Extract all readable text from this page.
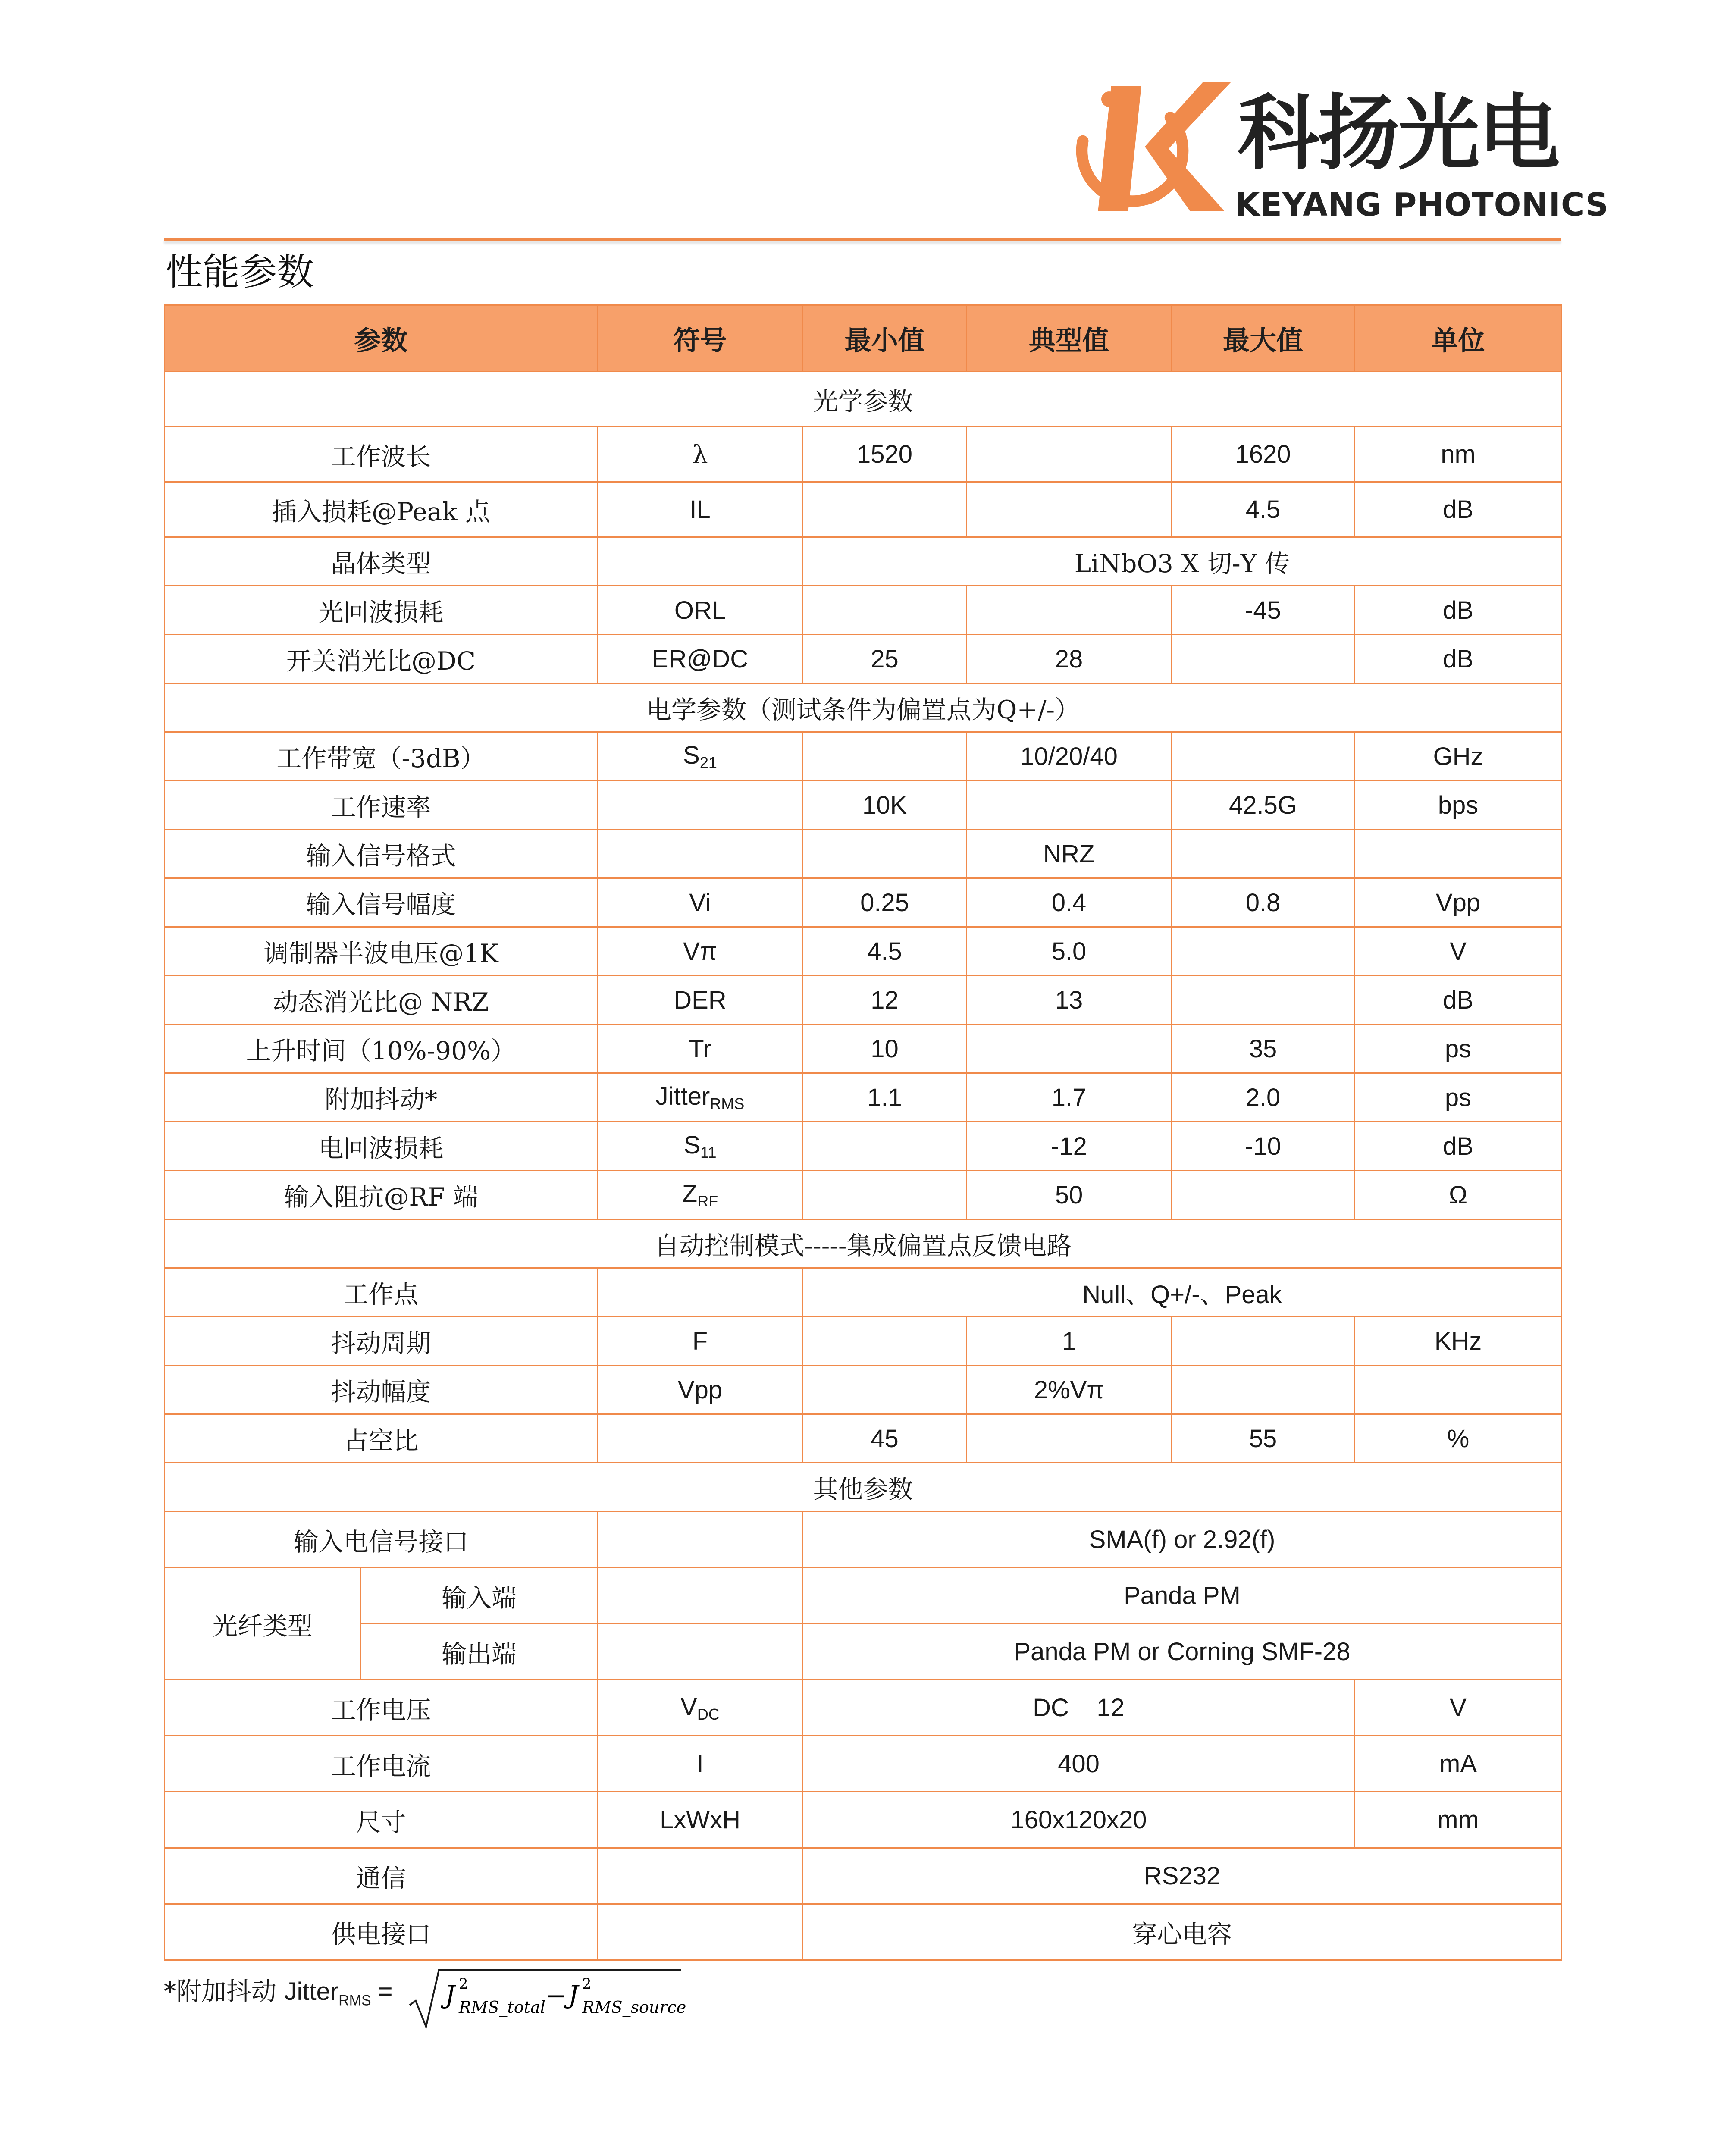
科扬光电
KEYANG PHOTONICS
性能参数
参数		符号	最小值	典型值	最大值	单位
光学参数						
工作波长		λ	1520		1620	nm
插入损耗@Peak 点		IL			4.5	dB
晶体类型			LiNbO3 X 切-Y 传			
光回波损耗		ORL			-45	dB
开关消光比@DC		ER@DC	25	28		dB
电学参数（测试条件为偏置点为Q+/-）						
工作带宽（-3dB）		$S_{21}$		10/20/40		GHz
工作速率			10K		42.5G	bps
输入信号格式				NRZ		
输入信号幅度		Vi	0.25	0.4	0.8	Vpp
调制器半波电压@1K		Vπ	4.5	5.0		V
动态消光比@ NRZ		DER	12	13		dB
上升时间（10%-90%）		Tr	10		35	ps
附加抖动*		Jitter$_{RMS}$	1.1	1.7	2.0	ps
电回波损耗		$S_{11}$		-12	-10	dB
输入阻抗@RF 端		$Z_{RF}$		50		Ω
自动控制模式-----集成偏置点反馈电路						
工作点			Null、Q+/-、Peak			
抖动周期		F		1		KHz
抖动幅度		Vpp		2%Vπ		
占空比			45		55	%
其他参数						
输入电信号接口			SMA(f) or 2.92(f)			
光纤类型	输入端		Panda PM			
	输出端		Panda PM or Corning SMF-28			
工作电压		$V_{DC}$	DC    12			V
工作电流		I	400			mA
尺寸		LxWxH	160x120x20			mm
通信			RS232			
供电接口			穿心电容			
*附加抖动 Jitter$_{RMS}$ = J 2
RMS_total − J 2
RMS_source
